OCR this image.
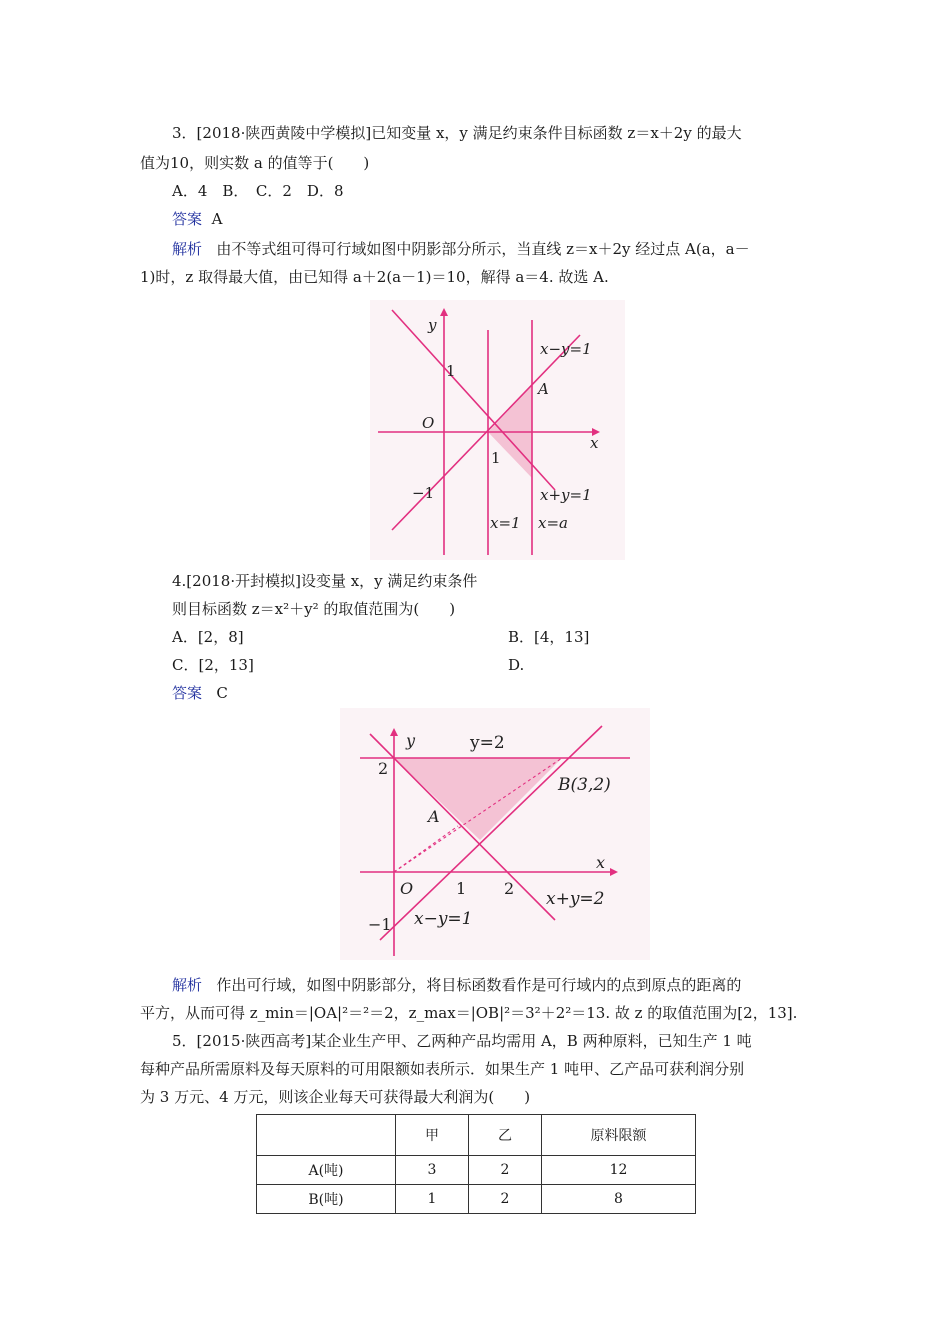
3．[2018·陕西黄陵中学模拟]已知变量 x，y 满足约束条件目标函数 z＝x＋2y 的最大
值为10，则实数 a 的值等于(　　)
A．4　B．　C．2　D．8
答案 A
解析 由不等式组可得可行域如图中阴影部分所示，当直线 z＝x＋2y 经过点 A(a，a－
1)时，z 取得最大值，由已知得 a＋2(a－1)＝10，解得 a＝4. 故选 A.
y
x
O
1
1
−1
x−y=1
x+y=1
x=1 x=a
A
4.[2018·开封模拟]设变量 x，y 满足约束条件
则目标函数 z＝x²＋y² 的取值范围为(　　)
A．[2，8]	B．[4，13]
C．[2，13]	D.
答案 C
y
x
y=2
B(3,2)
A
O
2
−1
1 2
x+y=2
x−y=1
解析 作出可行域，如图中阴影部分，将目标函数看作是可行域内的点到原点的距离的
平方，从而可得 z_min＝|OA|²＝²＝2，z_max＝|OB|²＝3²＋2²＝13. 故 z 的取值范围为[2，13].
5．[2015·陕西高考]某企业生产甲、乙两种产品均需用 A，B 两种原料，已知生产 1 吨
每种产品所需原料及每天原料的可用限额如表所示．如果生产 1 吨甲、乙产品可获利润分别
为 3 万元、4 万元，则该企业每天可获得最大利润为(　　)
	甲	乙	原料限额
A(吨)	3	2	12
B(吨)	1	2	8
